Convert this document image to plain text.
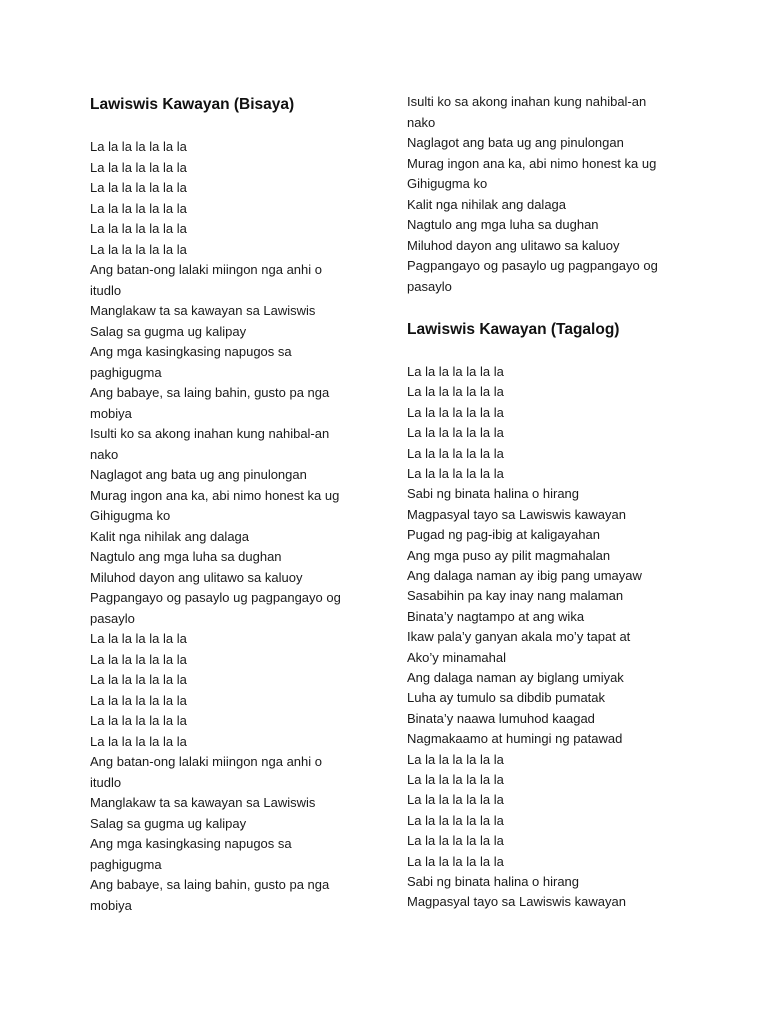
Lawiswis Kawayan (Bisaya)
La la la la la la la
La la la la la la la
La la la la la la la
La la la la la la la
La la la la la la la
La la la la la la la
Ang batan-ong lalaki miingon nga anhi o
itudlo
Manglakaw ta sa kawayan sa Lawiswis
Salag sa gugma ug kalipay
Ang mga kasingkasing napugos sa
paghigugma
Ang babaye, sa laing bahin, gusto pa nga
mobiya
Isulti ko sa akong inahan kung nahibal-an
nako
Naglagot ang bata ug ang pinulongan
Murag ingon ana ka, abi nimo honest ka ug
Gihigugma ko
Kalit nga nihilak ang dalaga
Nagtulo ang mga luha sa dughan
Miluhod dayon ang ulitawo sa kaluoy
Pagpangayo og pasaylo ug pagpangayo og
pasaylo
La la la la la la la
La la la la la la la
La la la la la la la
La la la la la la la
La la la la la la la
La la la la la la la
Ang batan-ong lalaki miingon nga anhi o
itudlo
Manglakaw ta sa kawayan sa Lawiswis
Salag sa gugma ug kalipay
Ang mga kasingkasing napugos sa
paghigugma
Ang babaye, sa laing bahin, gusto pa nga
mobiya
Lawiswis Kawayan (Tagalog)
Isulti ko sa akong inahan kung nahibal-an
nako
Naglagot ang bata ug ang pinulongan
Murag ingon ana ka, abi nimo honest ka ug
Gihigugma ko
Kalit nga nihilak ang dalaga
Nagtulo ang mga luha sa dughan
Miluhod dayon ang ulitawo sa kaluoy
Pagpangayo og pasaylo ug pagpangayo og
pasaylo
La la la la la la la
La la la la la la la
La la la la la la la
La la la la la la la
La la la la la la la
La la la la la la la
Sabi ng binata halina o hirang
Magpasyal tayo sa Lawiswis kawayan
Pugad ng pag-ibig at kaligayahan
Ang mga puso ay pilit magmahalan
Ang dalaga naman ay ibig pang umayaw
Sasabihin pa kay inay nang malaman
Binata’y nagtampo at ang wika
Ikaw pala’y ganyan akala mo’y tapat at
Ako’y minamahal
Ang dalaga naman ay biglang umiyak
Luha ay tumulo sa dibdib pumatak
Binata’y naawa lumuhod kaagad
Nagmakaamo at humingi ng patawad
La la la la la la la
La la la la la la la
La la la la la la la
La la la la la la la
La la la la la la la
La la la la la la la
Sabi ng binata halina o hirang
Magpasyal tayo sa Lawiswis kawayan
